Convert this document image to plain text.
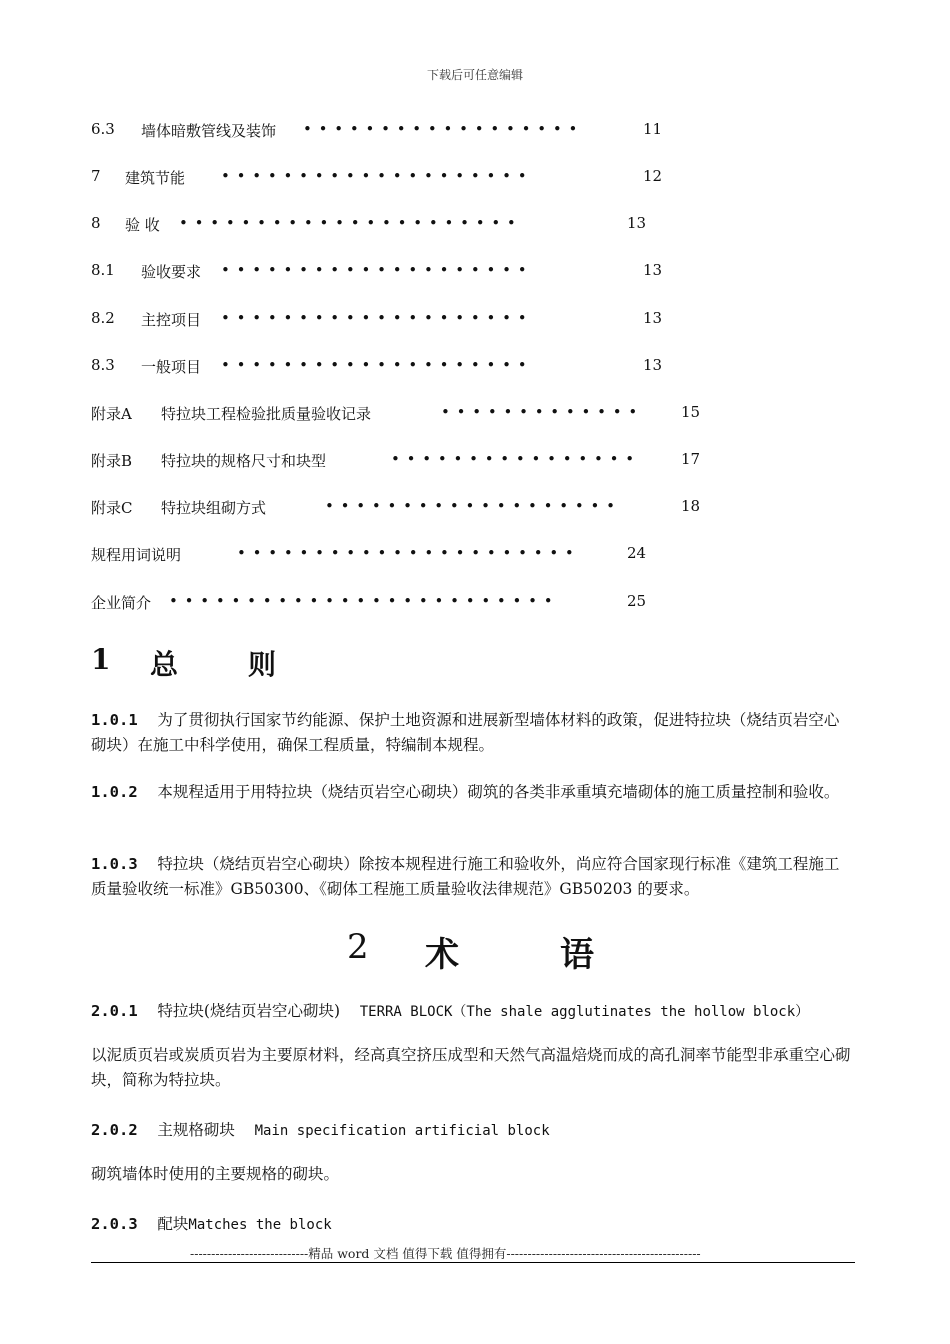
下载后可任意编辑
6.3 墙体暗敷管线及装饰 • • • • • • • • • • • • • • • • • •	11
7 建筑节能 • • • • • • • • • • • • • • • • • • • •	12
8 验 收 • • • • • • • • • • • • • • • • • • • • • •	13
8.1 验收要求 • • • • • • • • • • • • • • • • • • • •	13
8.2 主控项目 • • • • • • • • • • • • • • • • • • • •	13
8.3 一般项目 • • • • • • • • • • • • • • • • • • • •	13
附录A 特拉块工程检验批质量验收记录	• • • • • • • • • • • • •	15
附录B 特拉块的规格尺寸和块型	• • • • • • • • • • • • • • • •	17
附录C 特拉块组砌方式	• • • • • • • • • • • • • • • • • • •	18
规程用词说明	• • • • • • • • • • • • • • • • • • • • • •	24
企业简介 • • • • • • • • • • • • • • • • • • • • • • • • •	25
1 总 则
1.0.1 为了贯彻执行国家节约能源、保护土地资源和进展新型墙体材料的政策，促进特拉块（烧结页岩空心砌块）在施工中科学使用，确保工程质量，特编制本规程。
1.0.2 本规程适用于用特拉块（烧结页岩空心砌块）砌筑的各类非承重填充墙砌体的施工质量控制和验收。
1.0.3 特拉块（烧结页岩空心砌块）除按本规程进行施工和验收外，尚应符合国家现行标准《建筑工程施工质量验收统一标准》GB50300、《砌体工程施工质量验收法律规范》GB50203 的要求。
2 术	语
2.0.1 特拉块(烧结页岩空心砌块) TERRA BLOCK（The shale agglutinates the hollow block）
以泥质页岩或炭质页岩为主要原材料，经高真空挤压成型和天然气高温焙烧而成的高孔洞率节能型非承重空心砌块，简称为特拉块。
2.0.2 主规格砌块 Main specification artificial block
砌筑墙体时使用的主要规格的砌块。
2.0.3 配块Matches the block
----------------------------精品 word 文档 值得下载 值得拥有----------------------------------------------
